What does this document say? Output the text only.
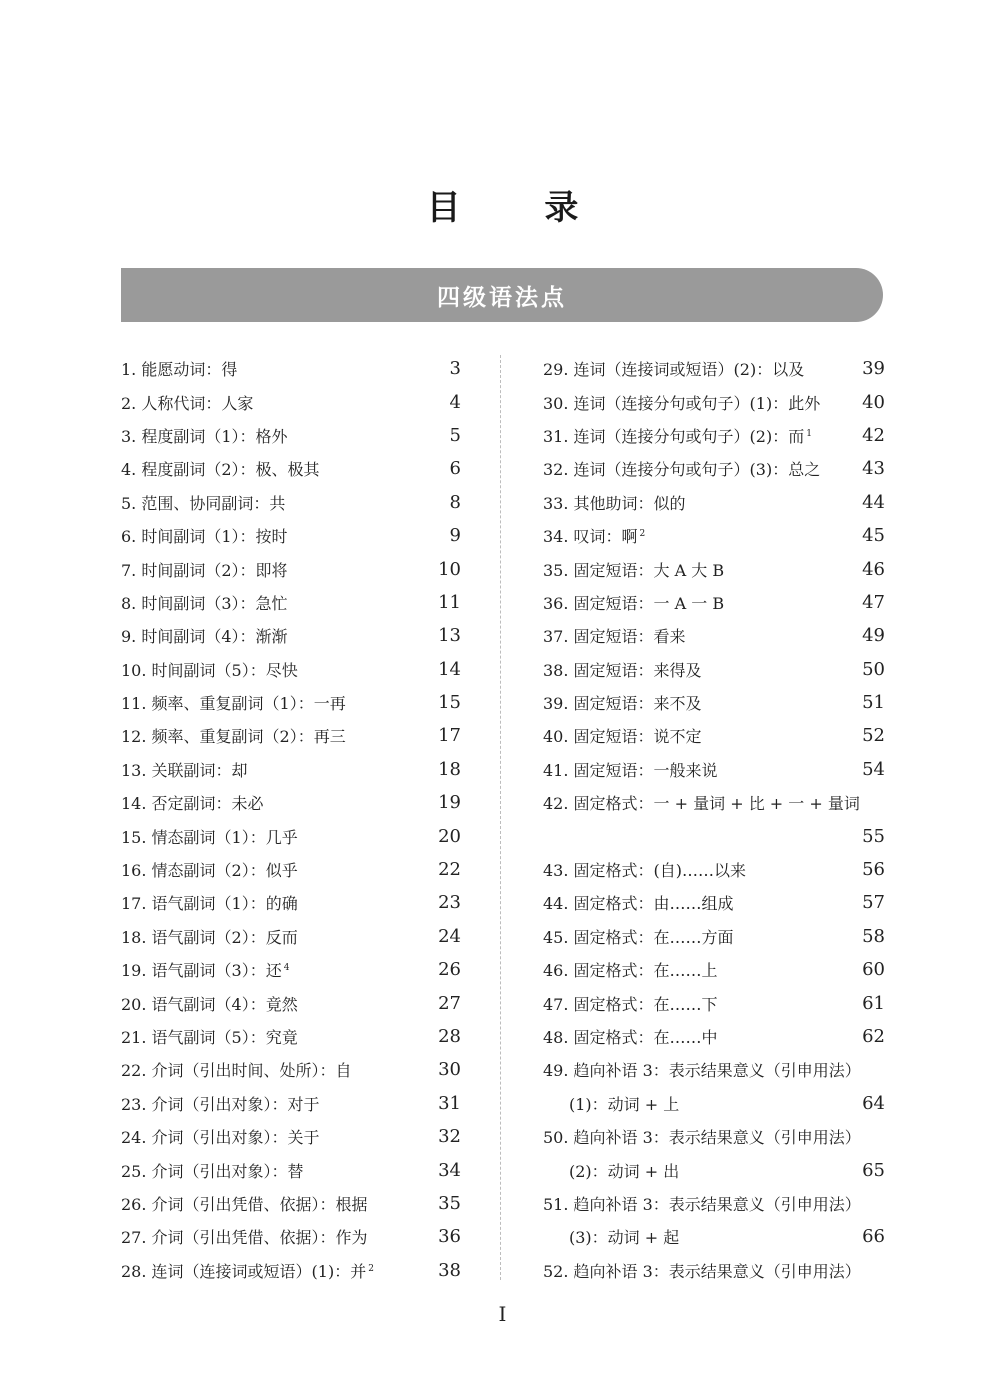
目 录
四级语法点
1. 能愿动词：得	3
2. 人称代词：人家	4
3. 程度副词（1）：格外	5
4. 程度副词（2）：极、极其	6
5. 范围、协同副词：共	8
6. 时间副词（1）：按时	9
7. 时间副词（2）：即将	10
8. 时间副词（3）：急忙	11
9. 时间副词（4）：渐渐	13
10. 时间副词（5）：尽快	14
11. 频率、重复副词（1）：一再	15
12. 频率、重复副词（2）：再三	17
13. 关联副词：却	18
14. 否定副词：未必	19
15. 情态副词（1）：几乎	20
16. 情态副词（2）：似乎	22
17. 语气副词（1）：的确	23
18. 语气副词（2）：反而	24
19. 语气副词（3）：还 $^4$	26
20. 语气副词（4）：竟然	27
21. 语气副词（5）：究竟	28
22. 介词（引出时间、处所）：自	30
23. 介词（引出对象）：对于	31
24. 介词（引出对象）：关于	32
25. 介词（引出对象）：替	34
26. 介词（引出凭借、依据）：根据	35
27. 介词（引出凭借、依据）：作为	36
28. 连词（连接词或短语）(1)：并 $^2$	38
29. 连词（连接词或短语）(2)：以及	39
30. 连词（连接分句或句子）(1)：此外 40
31. 连词（连接分句或句子）(2)：而 $^1$	42
32. 连词（连接分句或句子）(3)：总之 43
33. 其他助词：似的	44
34. 叹词：啊 $^2$	45
35. 固定短语：大 A 大 B	46
36. 固定短语：一 A 一 B	47
37. 固定短语：看来	49
38. 固定短语：来得及	50
39. 固定短语：来不及	51
40. 固定短语：说不定	52
41. 固定短语：一般来说	54
42. 固定格式：一 + 量词 + 比 + 一 + 量词
55
43. 固定格式：(自)……以来	56
44. 固定格式：由……组成	57
45. 固定格式：在……方面	58
46. 固定格式：在……上	60
47. 固定格式：在……下	61
48. 固定格式：在……中	62
49. 趋向补语 3：表示结果意义（引申用法）
(1)：动词 + 上	64
50. 趋向补语 3：表示结果意义（引申用法）
(2)：动词 + 出	65
51. 趋向补语 3：表示结果意义（引申用法）
(3)：动词 + 起	66
52. 趋向补语 3：表示结果意义（引申用法）
I
